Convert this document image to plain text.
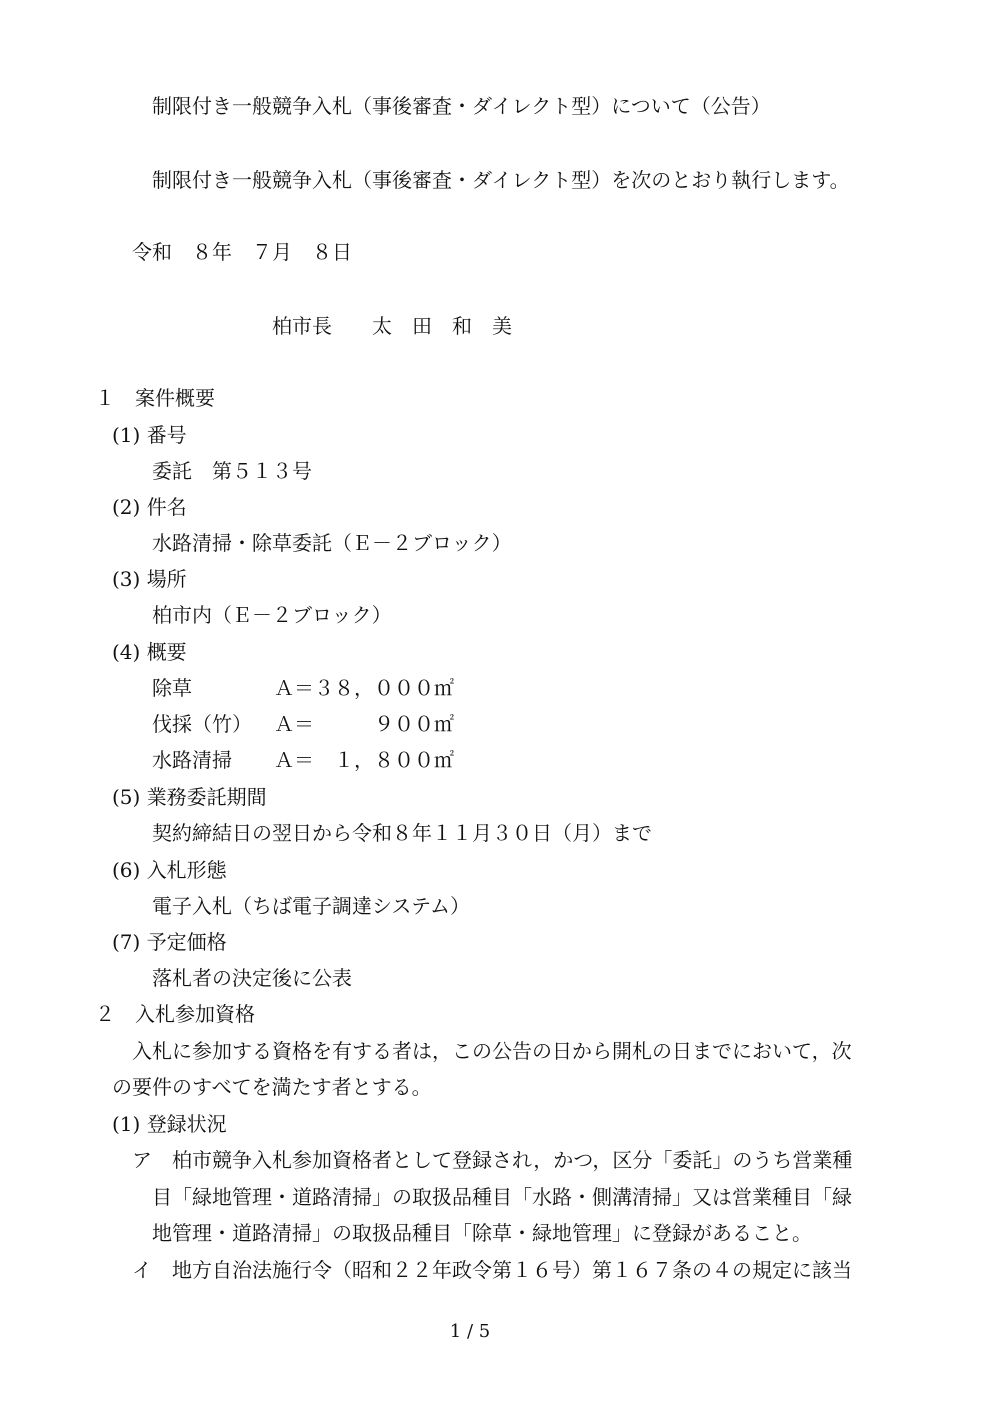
制限付き一般競争入札（事後審査・ダイレクト型）について（公告）

制限付き一般競争入札（事後審査・ダイレクト型）を次のとおり執行します。

令和　８年　７月　８日

柏市長　　太　田　和　美

１　案件概要

(1) 番号

委託　第５１３号

(2) 件名

水路清掃・除草委託（Ｅ－２ブロック）

(3) 場所

柏市内（Ｅ－２ブロック）

(4) 概要

除草	Ａ＝３８，０００㎡
伐採（竹） Ａ＝　　　９００㎡
水路清掃 Ａ＝　１，８００㎡

(5) 業務委託期間

契約締結日の翌日から令和８年１１月３０日（月）まで

(6) 入札形態

電子入札（ちば電子調達システム）

(7) 予定価格

落札者の決定後に公表

２　入札参加資格

入札に参加する資格を有する者は，この公告の日から開札の日までにおいて，次

の要件のすべてを満たす者とする。

(1) 登録状況

ア　柏市競争入札参加資格者として登録され，かつ，区分「委託」のうち営業種

目「緑地管理・道路清掃」の取扱品種目「水路・側溝清掃」又は営業種目「緑

地管理・道路清掃」の取扱品種目「除草・緑地管理」に登録があること。

イ　地方自治法施行令（昭和２２年政令第１６号）第１６７条の４の規定に該当

1 / 5
